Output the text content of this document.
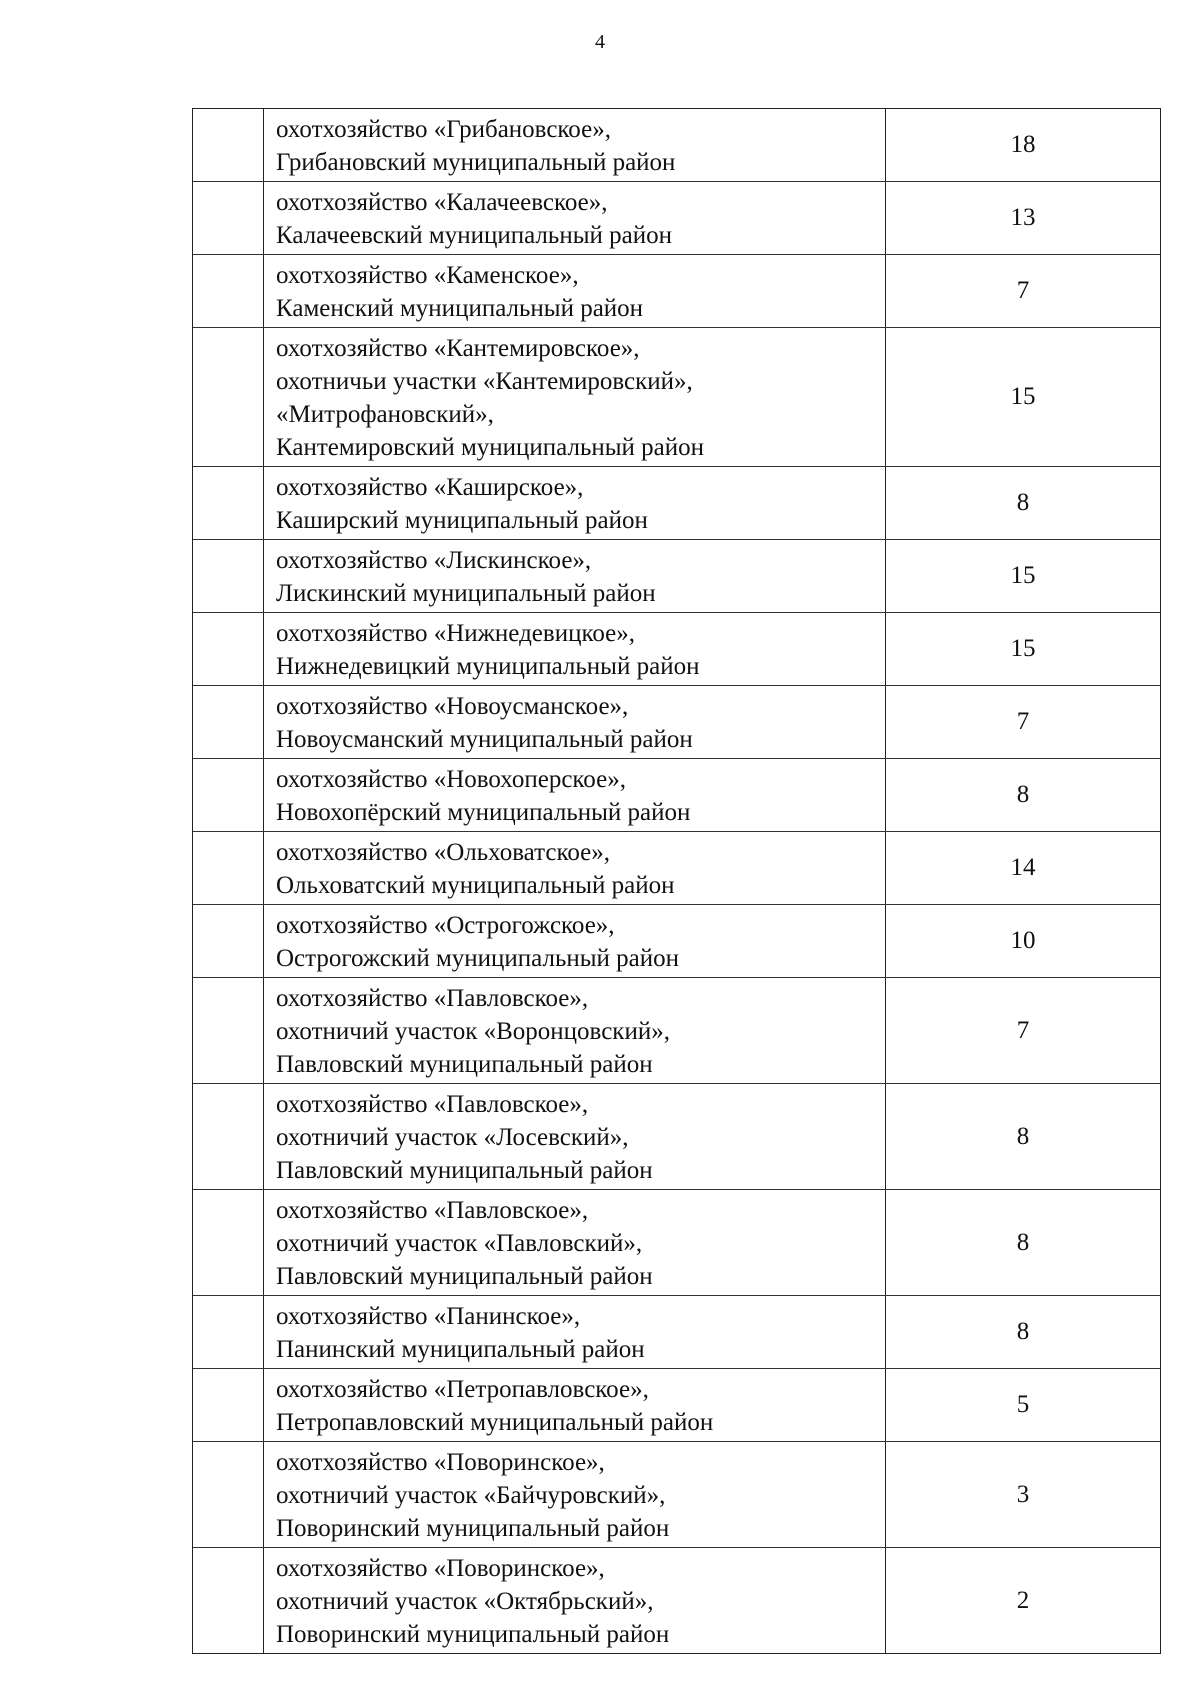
4
охотхозяйство «Грибановское»,
Грибановский муниципальный район
18
охотхозяйство «Калачеевское»,
Калачеевский муниципальный район
13
охотхозяйство «Каменское»,
Каменский муниципальный район
7
охотхозяйство «Кантемировское»,
охотничьи участки «Кантемировский»,
«Митрофановский»,
Кантемировский муниципальный район
15
охотхозяйство «Каширское»,
Каширский муниципальный район
8
охотхозяйство «Лискинское»,
Лискинский муниципальный район
15
охотхозяйство «Нижнедевицкое»,
Нижнедевицкий муниципальный район
15
охотхозяйство «Новоусманское»,
Новоусманский муниципальный район
7
охотхозяйство «Новохоперское»,
Новохопёрский муниципальный район
8
охотхозяйство «Ольховатское»,
Ольховатский муниципальный район
14
охотхозяйство «Острогожское»,
Острогожский муниципальный район
10
охотхозяйство «Павловское»,
охотничий участок «Воронцовский»,
Павловский муниципальный район
7
охотхозяйство «Павловское»,
охотничий участок «Лосевский»,
Павловский муниципальный район
8
охотхозяйство «Павловское»,
охотничий участок «Павловский»,
Павловский муниципальный район
8
охотхозяйство «Панинское»,
Панинский муниципальный район
8
охотхозяйство «Петропавловское»,
Петропавловский муниципальный район
5
охотхозяйство «Поворинское»,
охотничий участок «Байчуровский»,
Поворинский муниципальный район
3
охотхозяйство «Поворинское»,
охотничий участок «Октябрьский»,
Поворинский муниципальный район
2
